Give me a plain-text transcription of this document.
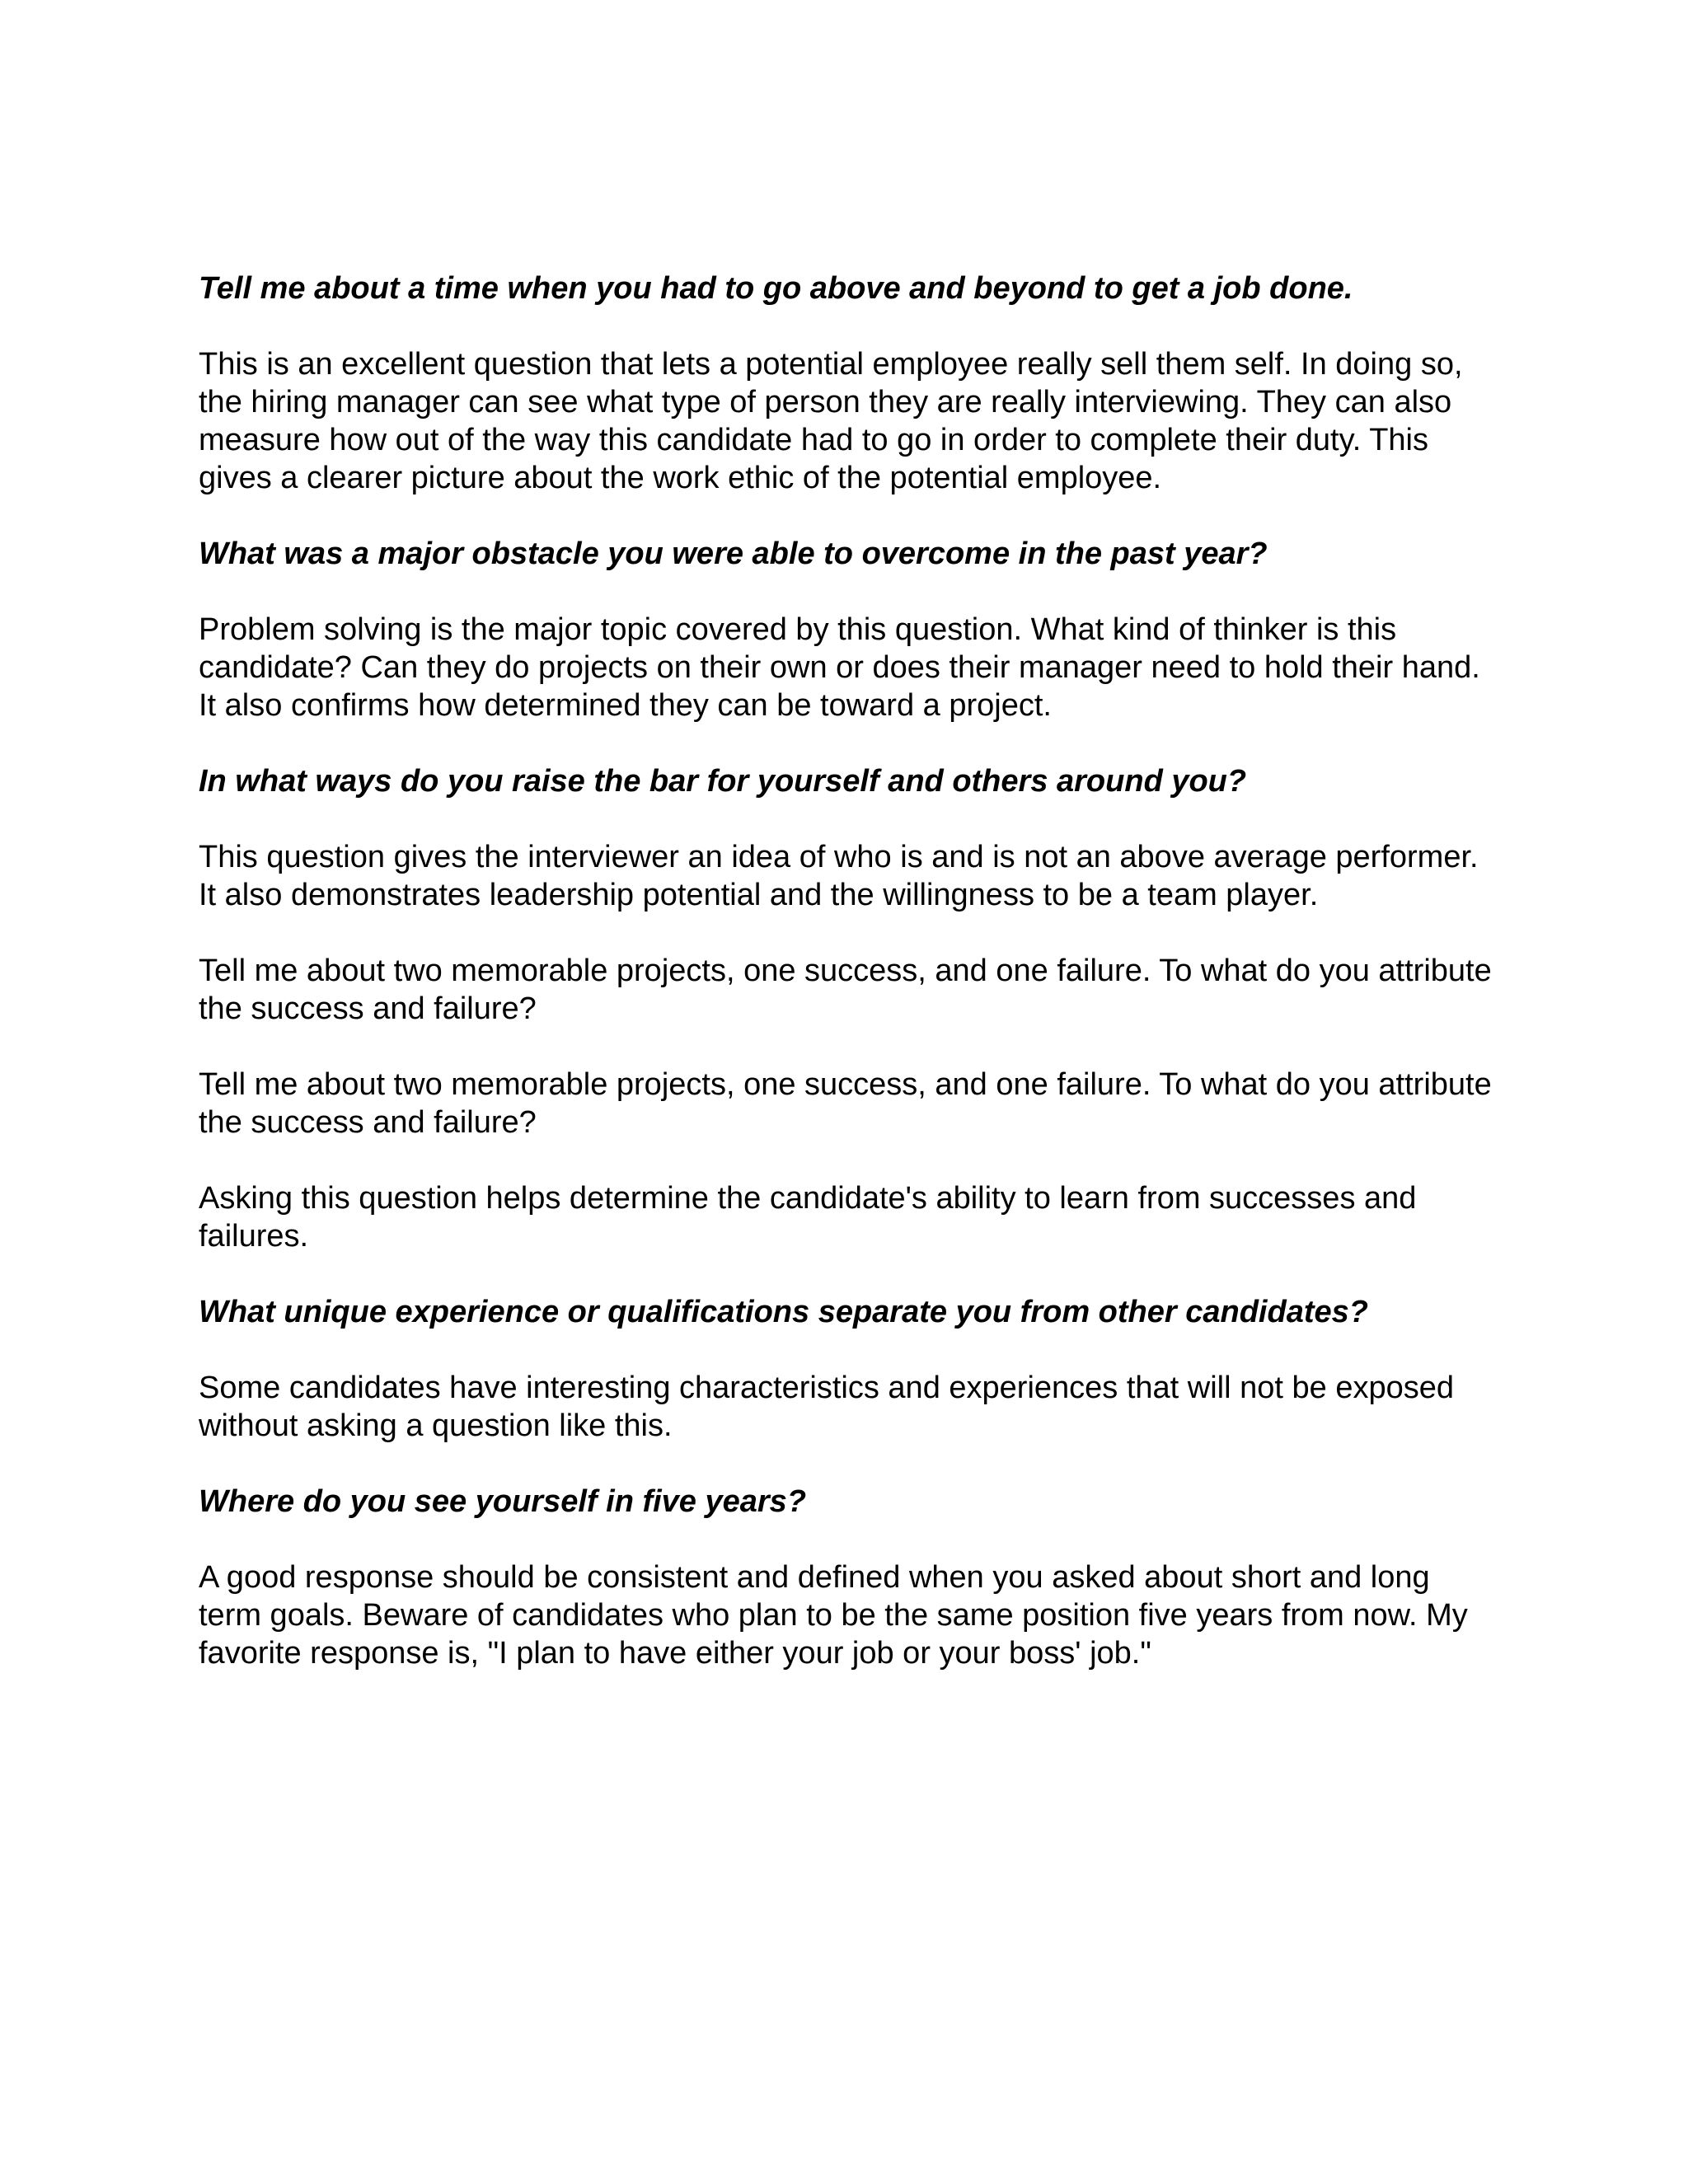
Tell me about a time when you had to go above and beyond to get a job done.

This is an excellent question that lets a potential employee really sell them self. In doing so, the hiring manager can see what type of person they are really interviewing. They can also measure how out of the way this candidate had to go in order to complete their duty. This gives a clearer picture about the work ethic of the potential employee.

What was a major obstacle you were able to overcome in the past year?

Problem solving is the major topic covered by this question. What kind of thinker is this candidate? Can they do projects on their own or does their manager need to hold their hand. It also confirms how determined they can be toward a project.

In what ways do you raise the bar for yourself and others around you?

This question gives the interviewer an idea of who is and is not an above average performer. It also demonstrates leadership potential and the willingness to be a team player.

Tell me about two memorable projects, one success, and one failure. To what do you attribute the success and failure?

Tell me about two memorable projects, one success, and one failure. To what do you attribute the success and failure?

Asking this question helps determine the candidate's ability to learn from successes and failures.

What unique experience or qualifications separate you from other candidates?

Some candidates have interesting characteristics and experiences that will not be exposed without asking a question like this.

Where do you see yourself in five years?

A good response should be consistent and defined when you asked about short and long term goals. Beware of candidates who plan to be the same position five years from now. My favorite response is, "I plan to have either your job or your boss' job."
